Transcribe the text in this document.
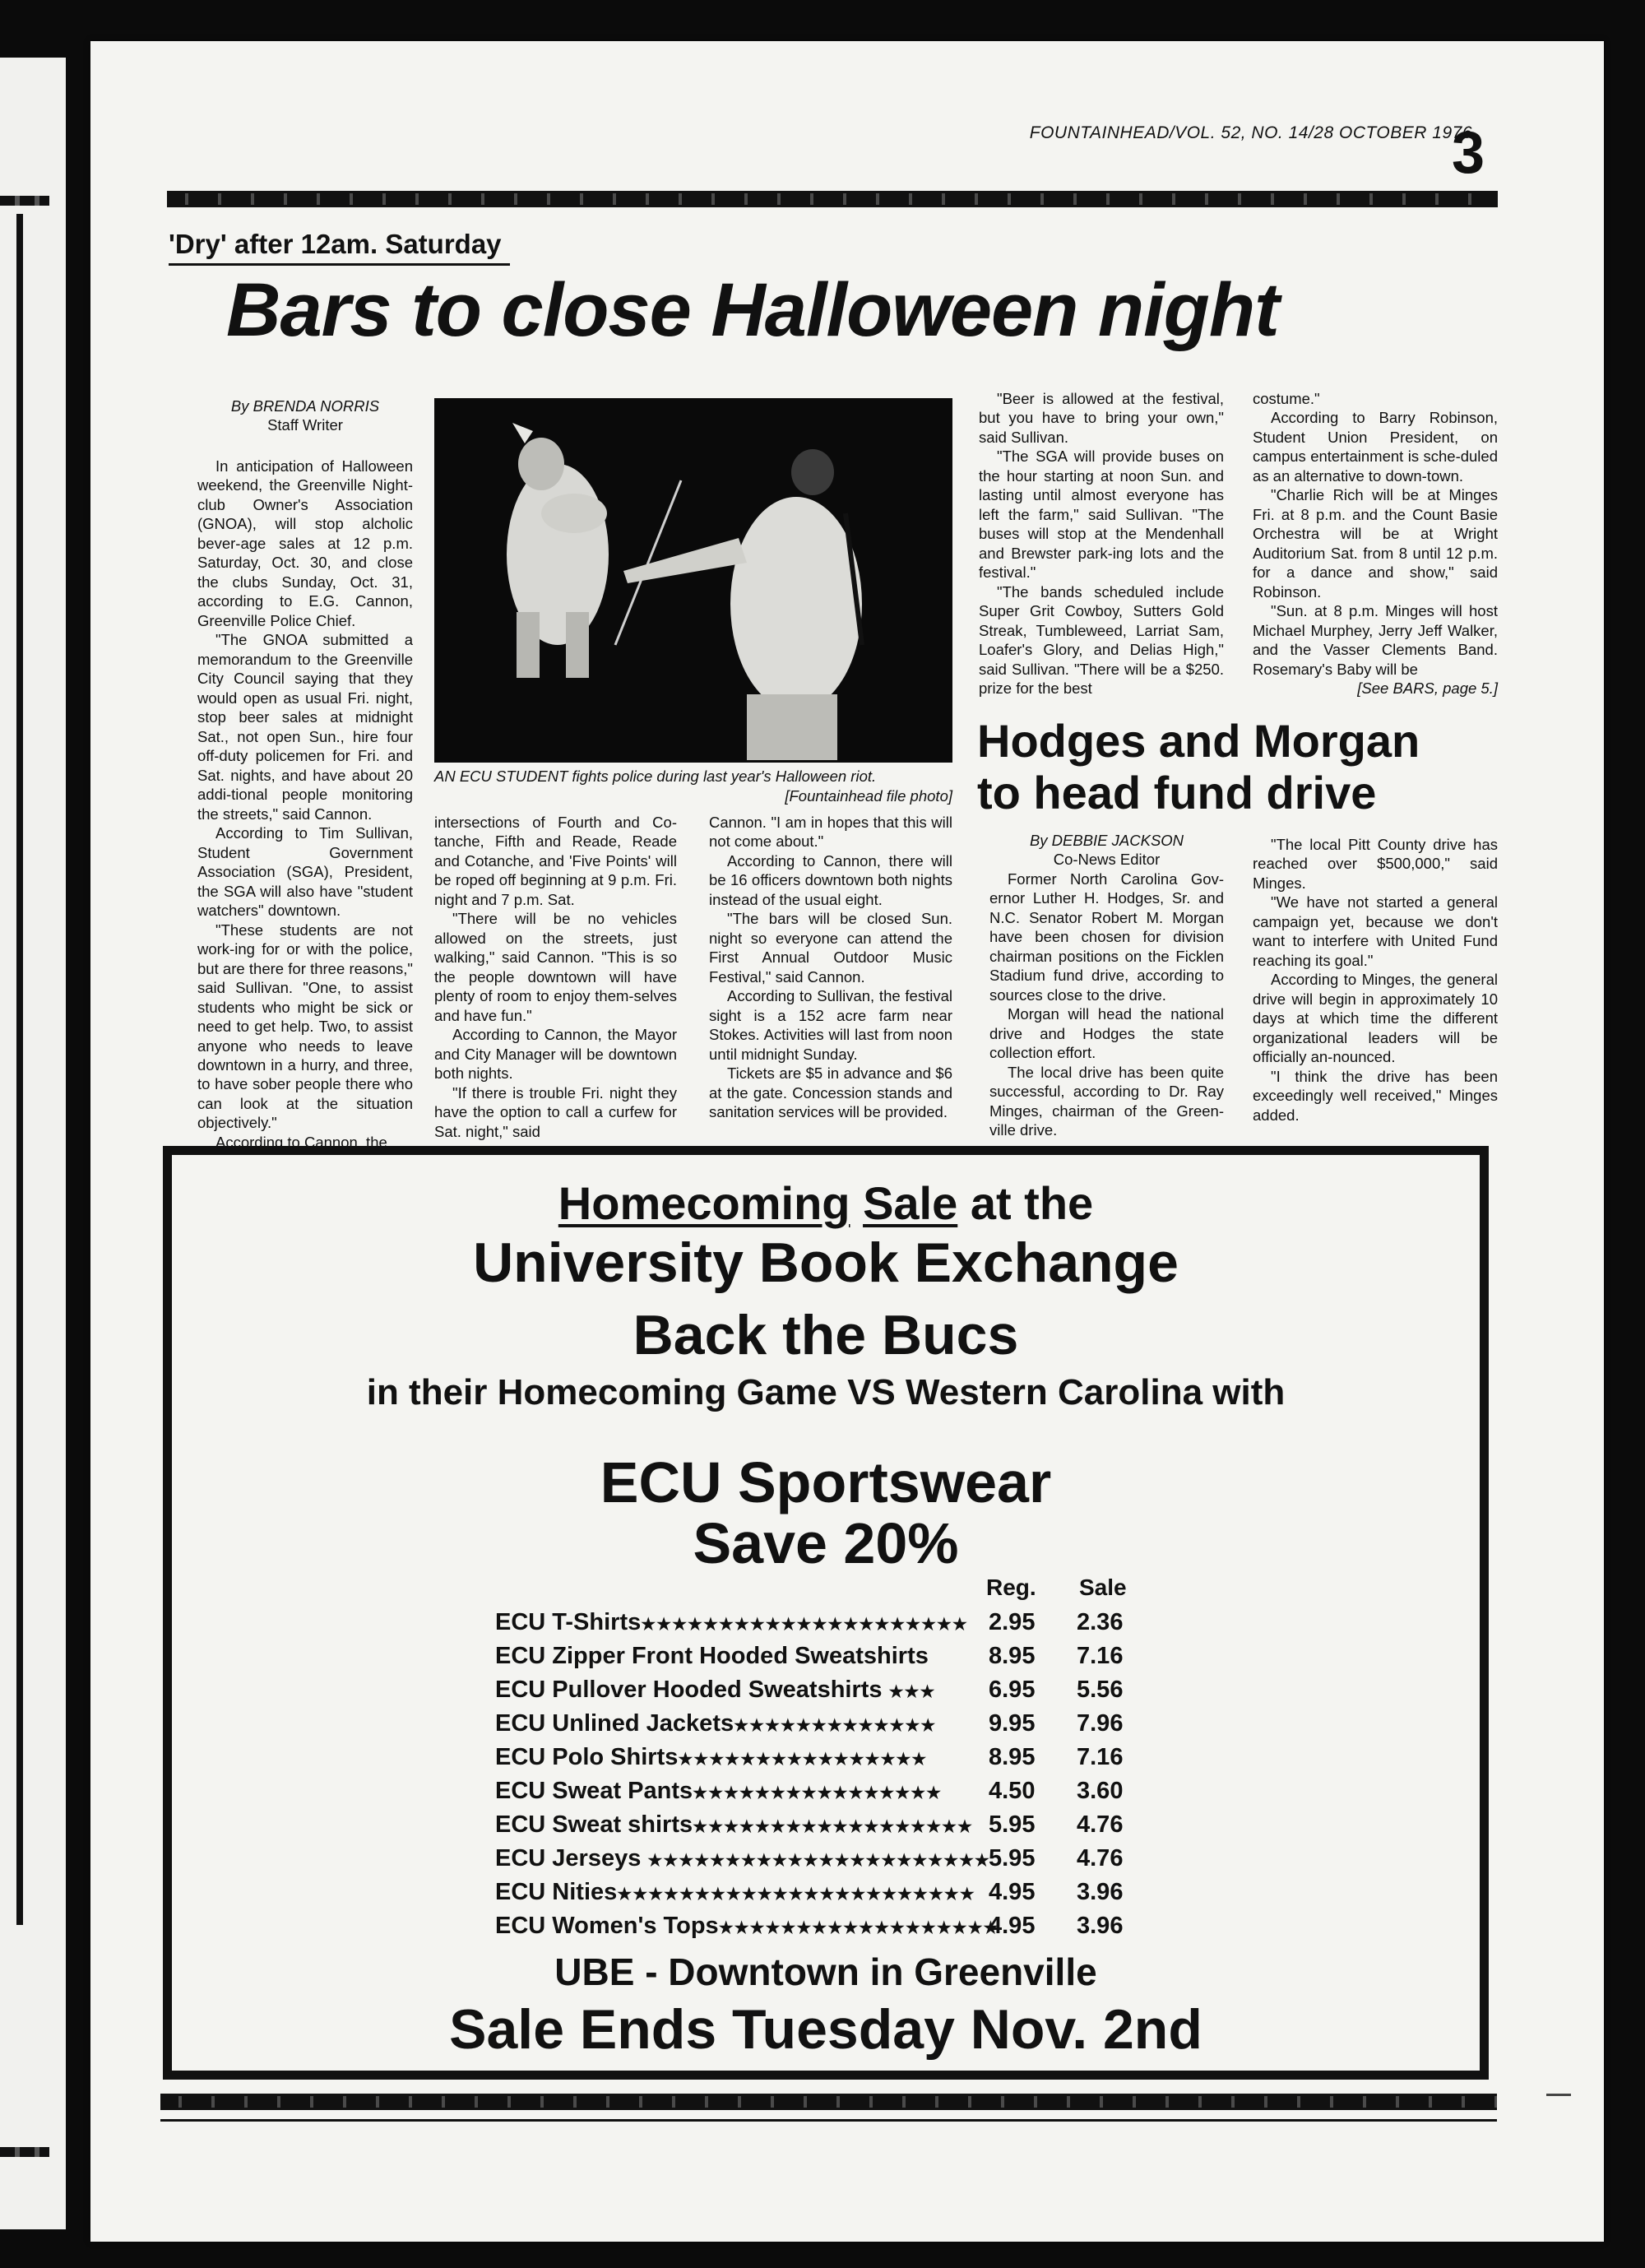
FOUNTAINHEAD/VOL. 52, NO. 14/28 OCTOBER 1976
3
'Dry' after 12am. Saturday
Bars to close Halloween night
By BRENDA NORRIS
Staff Writer

In anticipation of Halloween weekend, the Greenville Night-club Owner's Association (GNOA), will stop alcholic bever-age sales at 12 p.m. Saturday, Oct. 30, and close the clubs Sunday, Oct. 31, according to E.G. Cannon, Greenville Police Chief.

"The GNOA submitted a memorandum to the Greenville City Council saying that they would open as usual Fri. night, stop beer sales at midnight Sat., not open Sun., hire four off-duty policemen for Fri. and Sat. nights, and have about 20 addi-tional people monitoring the streets," said Cannon.

According to Tim Sullivan, Student Government Association (SGA), President, the SGA will also have "student watchers" downtown.

"These students are not work-ing for or with the police, but are there for three reasons," said Sullivan. "One, to assist students who might be sick or need to get help. Two, to assist anyone who needs to leave downtown in a hurry, and three, to have sober people there who can look at the situation objectively."

According to Cannon, the

AN ECU STUDENT fights police during last year's Halloween riot.
[Fountainhead file photo]

intersections of Fourth and Co-tanche, Fifth and Reade, Reade and Cotanche, and 'Five Points' will be roped off beginning at 9 p.m. Fri. night and 7 p.m. Sat.

"There will be no vehicles allowed on the streets, just walking," said Cannon. "This is so the people downtown will have plenty of room to enjoy them-selves and have fun."

According to Cannon, the Mayor and City Manager will be downtown both nights.

"If there is trouble Fri. night they have the option to call a curfew for Sat. night," said

Cannon. "I am in hopes that this will not come about."

According to Cannon, there will be 16 officers downtown both nights instead of the usual eight.

"The bars will be closed Sun. night so everyone can attend the First Annual Outdoor Music Festival," said Cannon.

According to Sullivan, the festival sight is a 152 acre farm near Stokes. Activities will last from noon until midnight Sunday.

Tickets are $5 in advance and $6 at the gate. Concession stands and sanitation services will be provided.

"Beer is allowed at the festival, but you have to bring your own," said Sullivan.

"The SGA will provide buses on the hour starting at noon Sun. and lasting until almost everyone has left the farm," said Sullivan. "The buses will stop at the Mendenhall and Brewster park-ing lots and the festival."

"The bands scheduled include Super Grit Cowboy, Sutters Gold Streak, Tumbleweed, Larriat Sam, Loafer's Glory, and Delias High," said Sullivan. "There will be a $250. prize for the best

costume."

According to Barry Robinson, Student Union President, on campus entertainment is sche-duled as an alternative to down-town.

"Charlie Rich will be at Minges Fri. at 8 p.m. and the Count Basie Orchestra will be at Wright Auditorium Sat. from 8 until 12 p.m. for a dance and show," said Robinson.

"Sun. at 8 p.m. Minges will host Michael Murphey, Jerry Jeff Walker, and the Vasser Clements Band. Rosemary's Baby will be

[See BARS, page 5.]
Hodges and Morgan
to head fund drive
By DEBBIE JACKSON
Co-News Editor

Former North Carolina Gov-ernor Luther H. Hodges, Sr. and N.C. Senator Robert M. Morgan have been chosen for division chairman positions on the Ficklen Stadium fund drive, according to sources close to the drive.

Morgan will head the national drive and Hodges the state collection effort.

The local drive has been quite successful, according to Dr. Ray Minges, chairman of the Green-ville drive.

"The local Pitt County drive has reached over $500,000," said Minges.

"We have not started a general campaign yet, because we don't want to interfere with United Fund reaching its goal."

According to Minges, the general drive will begin in approximately 10 days at which time the different organizational leaders will be officially an-nounced.

"I think the drive has been exceedingly well received," Minges added.

Homecoming Sale at the
University Book Exchange
Back the Bucs
in their Homecoming Game VS Western Carolina with
ECU Sportswear
Save 20%
Reg. Sale
ECU T-Shirts★★★★★★★★★★★★★★★★★★★★★ 2.95 2.36
ECU Zipper Front Hooded Sweatshirts	8.95 7.16
ECU Pullover Hooded Sweatshirts ★★★ 6.95 5.56
ECU Unlined Jackets★★★★★★★★★★★★★ 9.95 7.96
ECU Polo Shirts★★★★★★★★★★★★★★★★	8.95 7.16
ECU Sweat Pants★★★★★★★★★★★★★★★★ 4.50 3.60
ECU Sweat shirts★★★★★★★★★★★★★★★★★★ 5.95 4.76
ECU Jerseys ★★★★★★★★★★★★★★★★★★★★★★
5.95 4.76
ECU Nities★★★★★★★★★★★★★★★★★★★★★★★ 4.95 3.96
ECU Women's Tops★★★★★★★★★★★★★★★★★★
4.95 3.96
UBE - Downtown in Greenville
Sale Ends Tuesday Nov. 2nd
